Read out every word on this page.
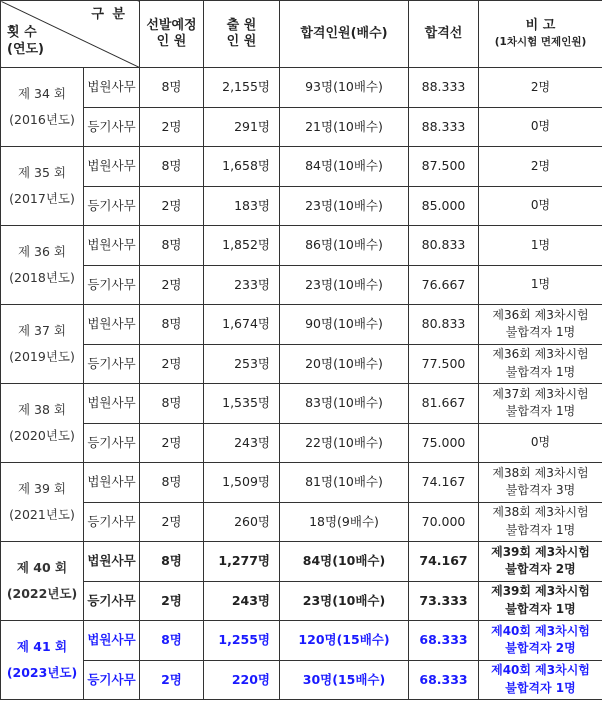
구 분
횟 수
(연도)		선발예정
인 원	출 원
인 원	합격인원(배수)	합격선	비 고
(1차시험 면제인원)
제 34 회
(2016년도)	법원사무	8명	2,155명	93명(10배수)	88.333	2명
	등기사무	2명	291명	21명(10배수)	88.333	0명
제 35 회
(2017년도)	법원사무	8명	1,658명	84명(10배수)	87.500	2명
	등기사무	2명	183명	23명(10배수)	85.000	0명
제 36 회
(2018년도)	법원사무	8명	1,852명	86명(10배수)	80.833	1명
	등기사무	2명	233명	23명(10배수)	76.667	1명
제 37 회
(2019년도)	법원사무	8명	1,674명	90명(10배수)	80.833	제36회 제3차시험
불합격자 1명
	등기사무	2명	253명	20명(10배수)	77.500	제36회 제3차시험
불합격자 1명
제 38 회
(2020년도)	법원사무	8명	1,535명	83명(10배수)	81.667	제37회 제3차시험
불합격자 1명
	등기사무	2명	243명	22명(10배수)	75.000	0명
제 39 회
(2021년도)	법원사무	8명	1,509명	81명(10배수)	74.167	제38회 제3차시험
불합격자 3명
	등기사무	2명	260명	18명(9배수)	70.000	제38회 제3차시험
불합격자 1명
제 40 회
(2022년도)	법원사무	8명	1,277명	84명(10배수)	74.167	제39회 제3차시험
불합격자 2명
	등기사무	2명	243명	23명(10배수)	73.333	제39회 제3차시험
불합격자 1명
제 41 회
(2023년도)	법원사무	8명	1,255명	120명(15배수)	68.333	제40회 제3차시험
불합격자 2명
	등기사무	2명	220명	30명(15배수)	68.333	제40회 제3차시험
불합격자 1명
